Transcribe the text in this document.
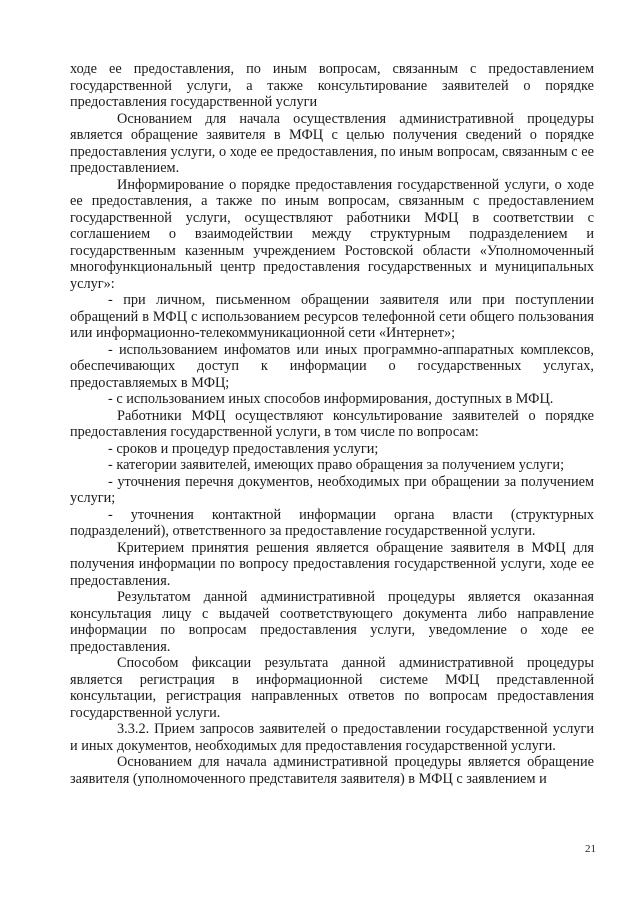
ходе ее предоставления, по иным вопросам, связанным с предоставлением государственной услуги, а также консультирование заявителей о порядке предоставления государственной услуги

Основанием для начала осуществления административной процедуры является обращение заявителя в МФЦ с целью получения сведений о порядке предоставления услуги, о ходе ее предоставления, по иным вопросам, связанным с ее предоставлением.

Информирование о порядке предоставления государственной услуги, о ходе ее предоставления, а также по иным вопросам, связанным с предоставлением государственной услуги, осуществляют работники МФЦ в соответствии с соглашением о взаимодействии между структурным подразделением и государственным казенным учреждением Ростовской области «Уполномоченный многофункциональный центр предоставления государственных и муниципальных услуг»:

- при личном, письменном обращении заявителя или при поступлении обращений в МФЦ с использованием ресурсов телефонной сети общего пользования или информационно-телекоммуникационной сети «Интернет»;

- использованием инфоматов или иных программно-аппаратных комплексов, обеспечивающих доступ к информации о государственных услугах, предоставляемых в МФЦ;

- с использованием иных способов информирования, доступных в МФЦ.

Работники МФЦ осуществляют консультирование заявителей о порядке предоставления государственной услуги, в том числе по вопросам:

- сроков и процедур предоставления услуги;

- категории заявителей, имеющих право обращения за получением услуги;

- уточнения перечня документов, необходимых при обращении за получением услуги;

- уточнения контактной информации органа власти (структурных подразделений), ответственного за предоставление государственной услуги.

Критерием принятия решения является обращение заявителя в МФЦ для получения информации по вопросу предоставления государственной услуги, ходе ее предоставления.

Результатом данной административной процедуры является оказанная консультация лицу с выдачей соответствующего документа либо направление информации по вопросам предоставления услуги, уведомление о ходе ее предоставления.

Способом фиксации результата данной административной процедуры является регистрация в информационной системе МФЦ представленной консультации, регистрация направленных ответов по вопросам предоставления государственной услуги.

3.3.2. Прием запросов заявителей о предоставлении государственной услуги и иных документов, необходимых для предоставления государственной услуги.

Основанием для начала административной процедуры является обращение заявителя (уполномоченного представителя заявителя) в МФЦ с заявлением и

21
